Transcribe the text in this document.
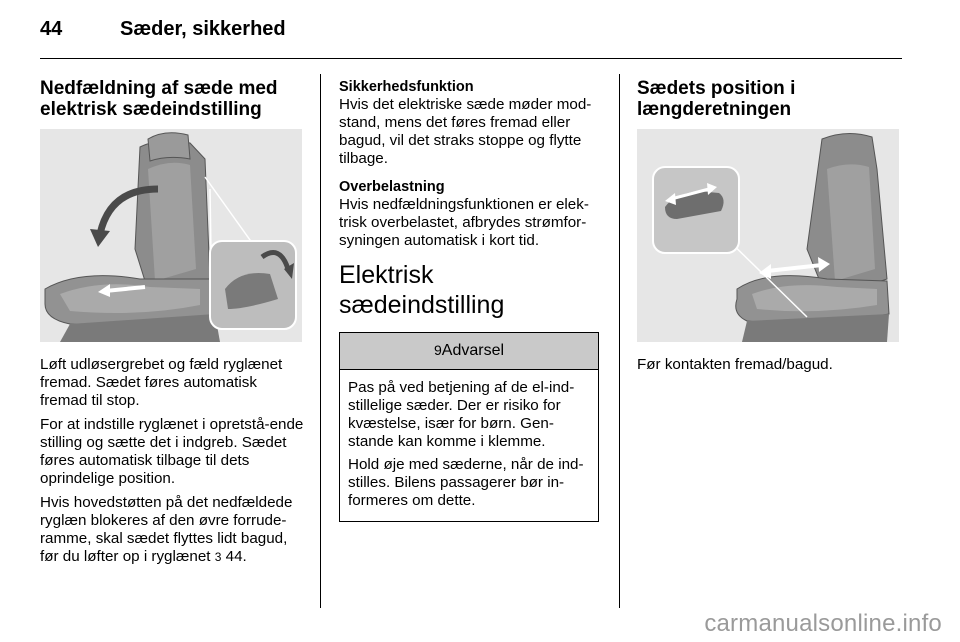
44	Sæder, sikkerhed
Nedfældning af sæde med
elektrisk sædeindstilling

Løft udløsergrebet og fæld ryglænet fremad. Sædet føres automatisk fremad til stop.

For at indstille ryglænet i opretstå-ende stilling og sætte det i indgreb. Sædet føres automatisk tilbage til dets oprindelige position.

Hvis hovedstøtten på det nedfældede ryglæn blokeres af den øvre forrude-ramme, skal sædet flyttes lidt bagud, før du løfter op i ryglænet 3 44.

Sikkerhedsfunktion

Hvis det elektriske sæde møder mod-stand, mens det føres fremad eller bagud, vil det straks stoppe og flytte tilbage.

Overbelastning

Hvis nedfældningsfunktionen er elek-trisk overbelastet, afbrydes strømfor-syningen automatisk i kort tid.

Elektrisk sædeindstilling
9Advarsel

Pas på ved betjening af de el-ind-stillelige sæder. Der er risiko for kvæstelse, især for børn. Gen-stande kan komme i klemme.

Hold øje med sæderne, når de ind-stilles. Bilens passagerer bør in-formeres om dette.

Sædets position i
længderetningen

Før kontakten fremad/bagud.

carmanualsonline.info
